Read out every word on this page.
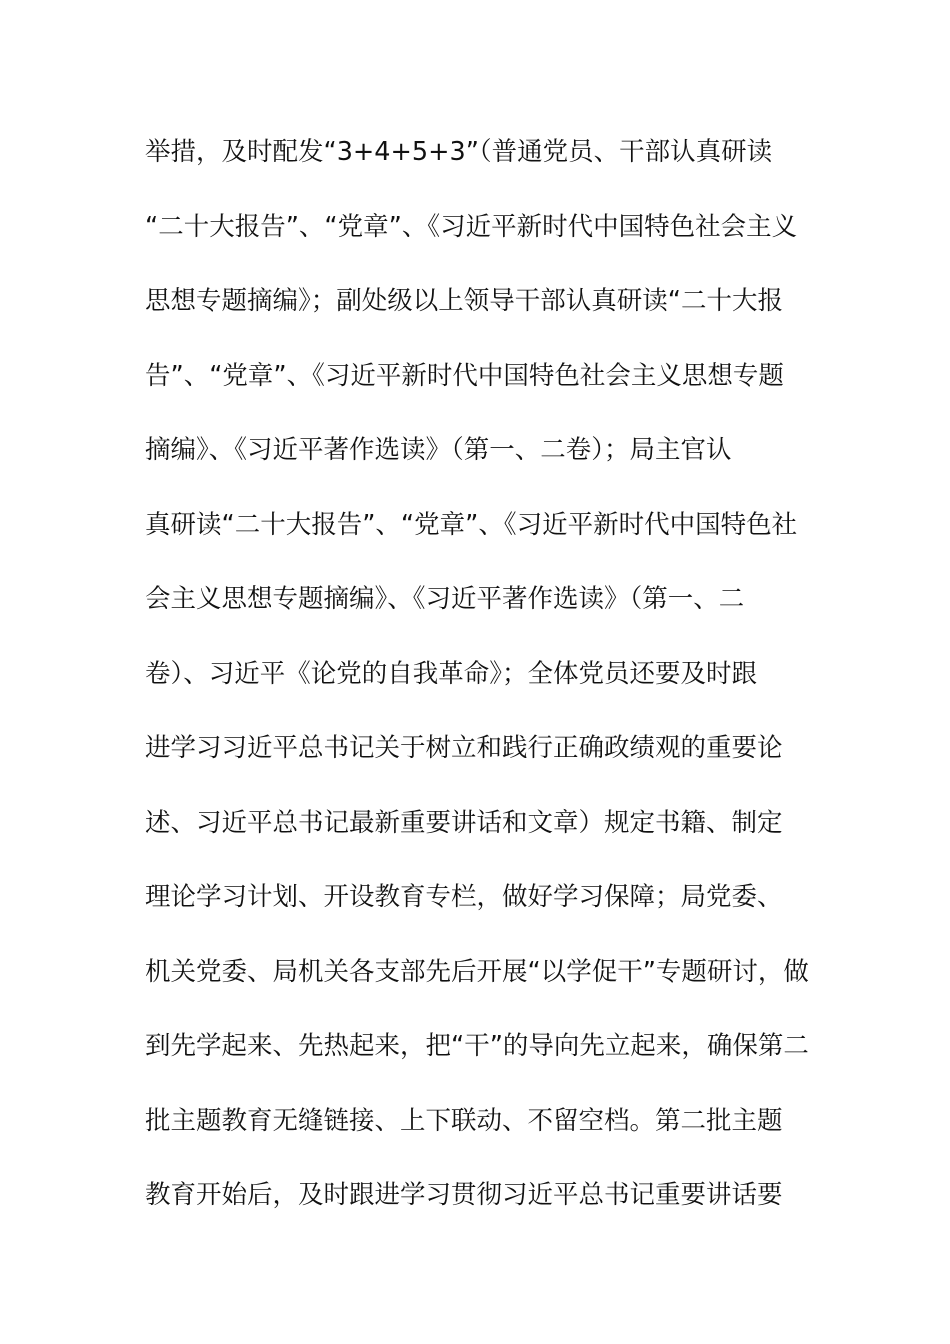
举措，及时配发“3+4+5+3”（普通党员、干部认真研读
“二十大报告”、“党章”、《习近平新时代中国特色社会主义
思想专题摘编》；副处级以上领导干部认真研读“二十大报
告”、“党章”、《习近平新时代中国特色社会主义思想专题
摘编》、《习近平著作选读》（第一、二卷）；局主官认
真研读“二十大报告”、“党章”、《习近平新时代中国特色社
会主义思想专题摘编》、《习近平著作选读》（第一、二
卷）、习近平《论党的自我革命》；全体党员还要及时跟
进学习习近平总书记关于树立和践行正确政绩观的重要论
述、习近平总书记最新重要讲话和文章）规定书籍、制定
理论学习计划、开设教育专栏，做好学习保障；局党委、
机关党委、局机关各支部先后开展“以学促干”专题研讨，做
到先学起来、先热起来，把“干”的导向先立起来，确保第二
批主题教育无缝链接、上下联动、不留空档。第二批主题
教育开始后，及时跟进学习贯彻习近平总书记重要讲话要
